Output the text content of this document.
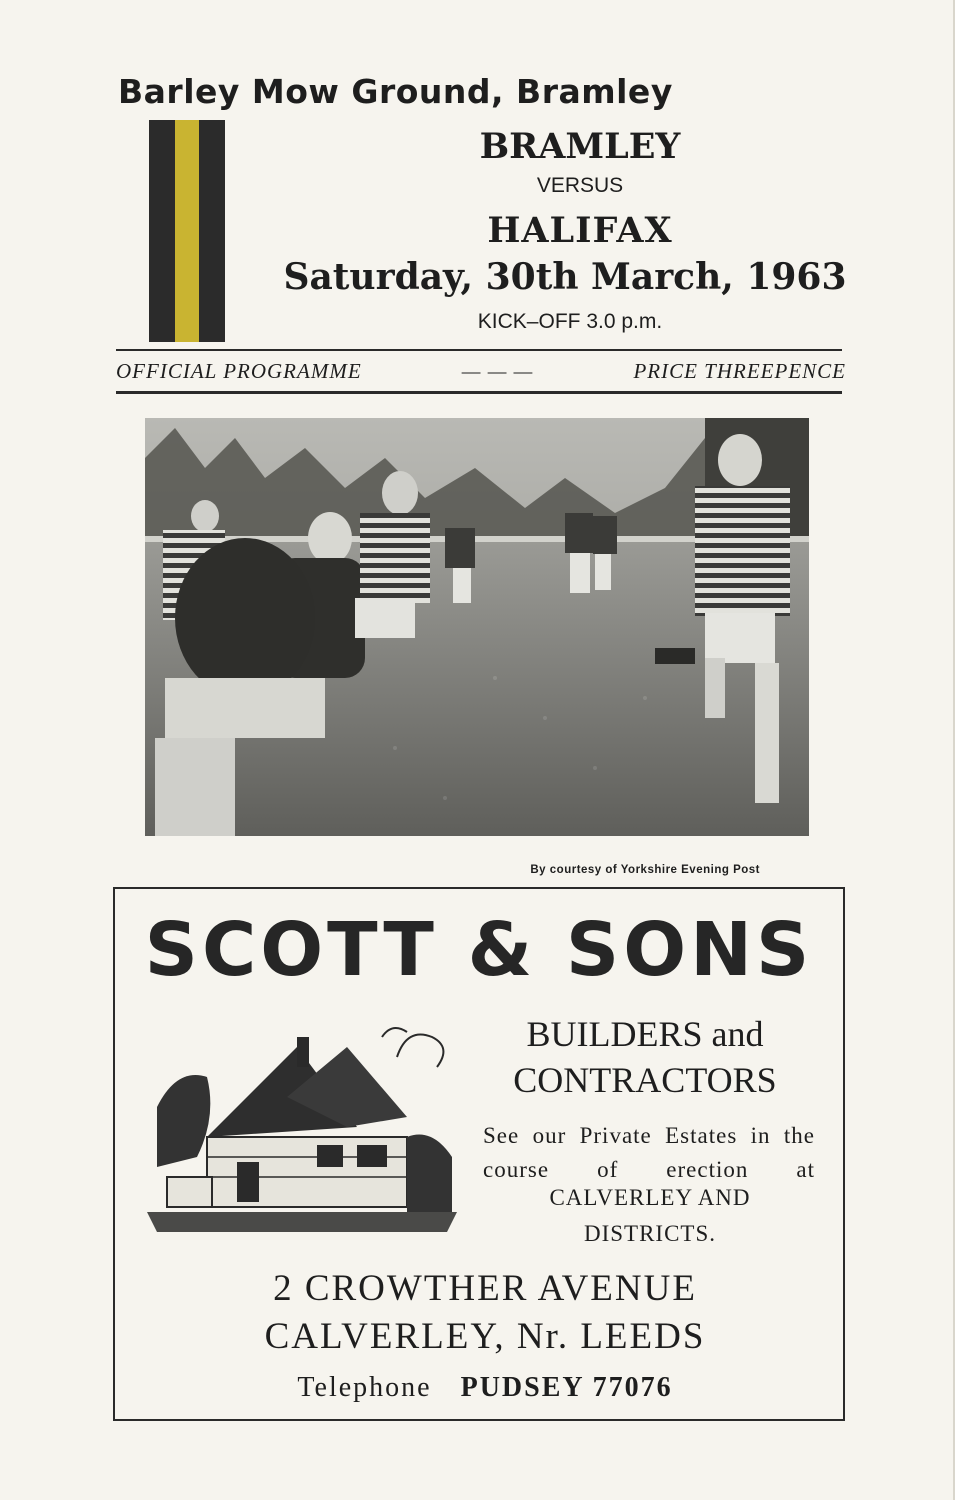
Barley Mow Ground, Bramley
BRAMLEY
VERSUS
HALIFAX
Saturday, 30th March, 1963
KICK–OFF 3.0 p.m.
OFFICIAL PROGRAMME	— — —	PRICE THREEPENCE
By courtesy of Yorkshire Evening Post
SCOTT & SONS
BUILDERS and
CONTRACTORS
See our Private Estates in the course of erection at
CALVERLEY AND
DISTRICTS.
2 CROWTHER AVENUE
CALVERLEY, Nr. LEEDS
Telephone PUDSEY 77076
